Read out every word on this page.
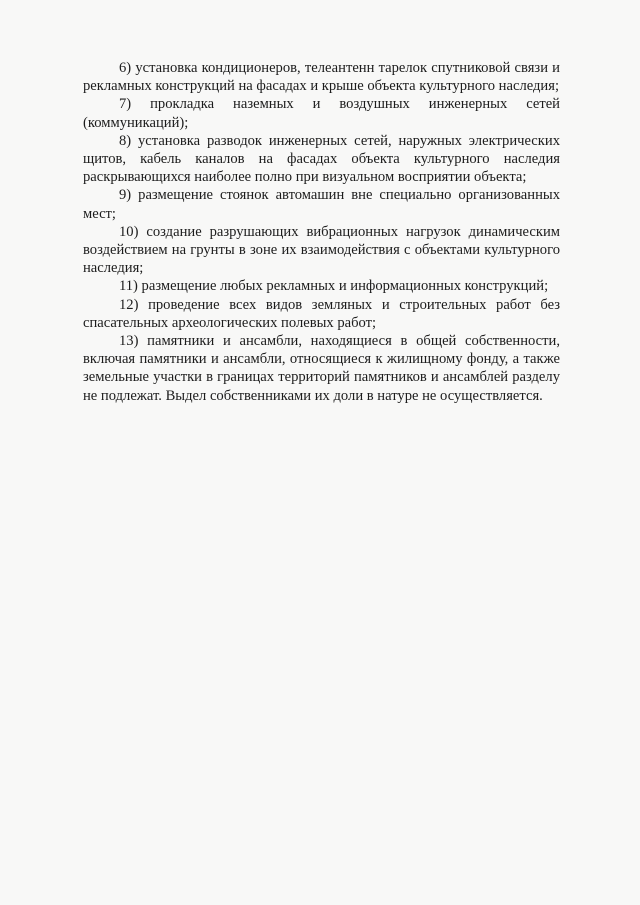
6) установка кондиционеров, телеантенн тарелок спутниковой связи и рекламных конструкций на фасадах и крыше объекта культурного наследия;

7) прокладка наземных и воздушных инженерных сетей (коммуникаций);

8) установка разводок инженерных сетей, наружных электрических щитов, кабель каналов на фасадах объекта культурного наследия раскрывающихся наиболее полно при визуальном восприятии объекта;

9) размещение стоянок автомашин вне специально организованных мест;

10) создание разрушающих вибрационных нагрузок динамическим воздействием на грунты в зоне их взаимодействия с объектами культурного наследия;

11) размещение любых рекламных и информационных конструкций;

12) проведение всех видов земляных и строительных работ без спасательных археологических полевых работ;

13) памятники и ансамбли, находящиеся в общей собственности, включая памятники и ансамбли, относящиеся к жилищному фонду, а также земельные участки в границах территорий памятников и ансамблей разделу не подлежат. Выдел собственниками их доли в натуре не осуществляется.
